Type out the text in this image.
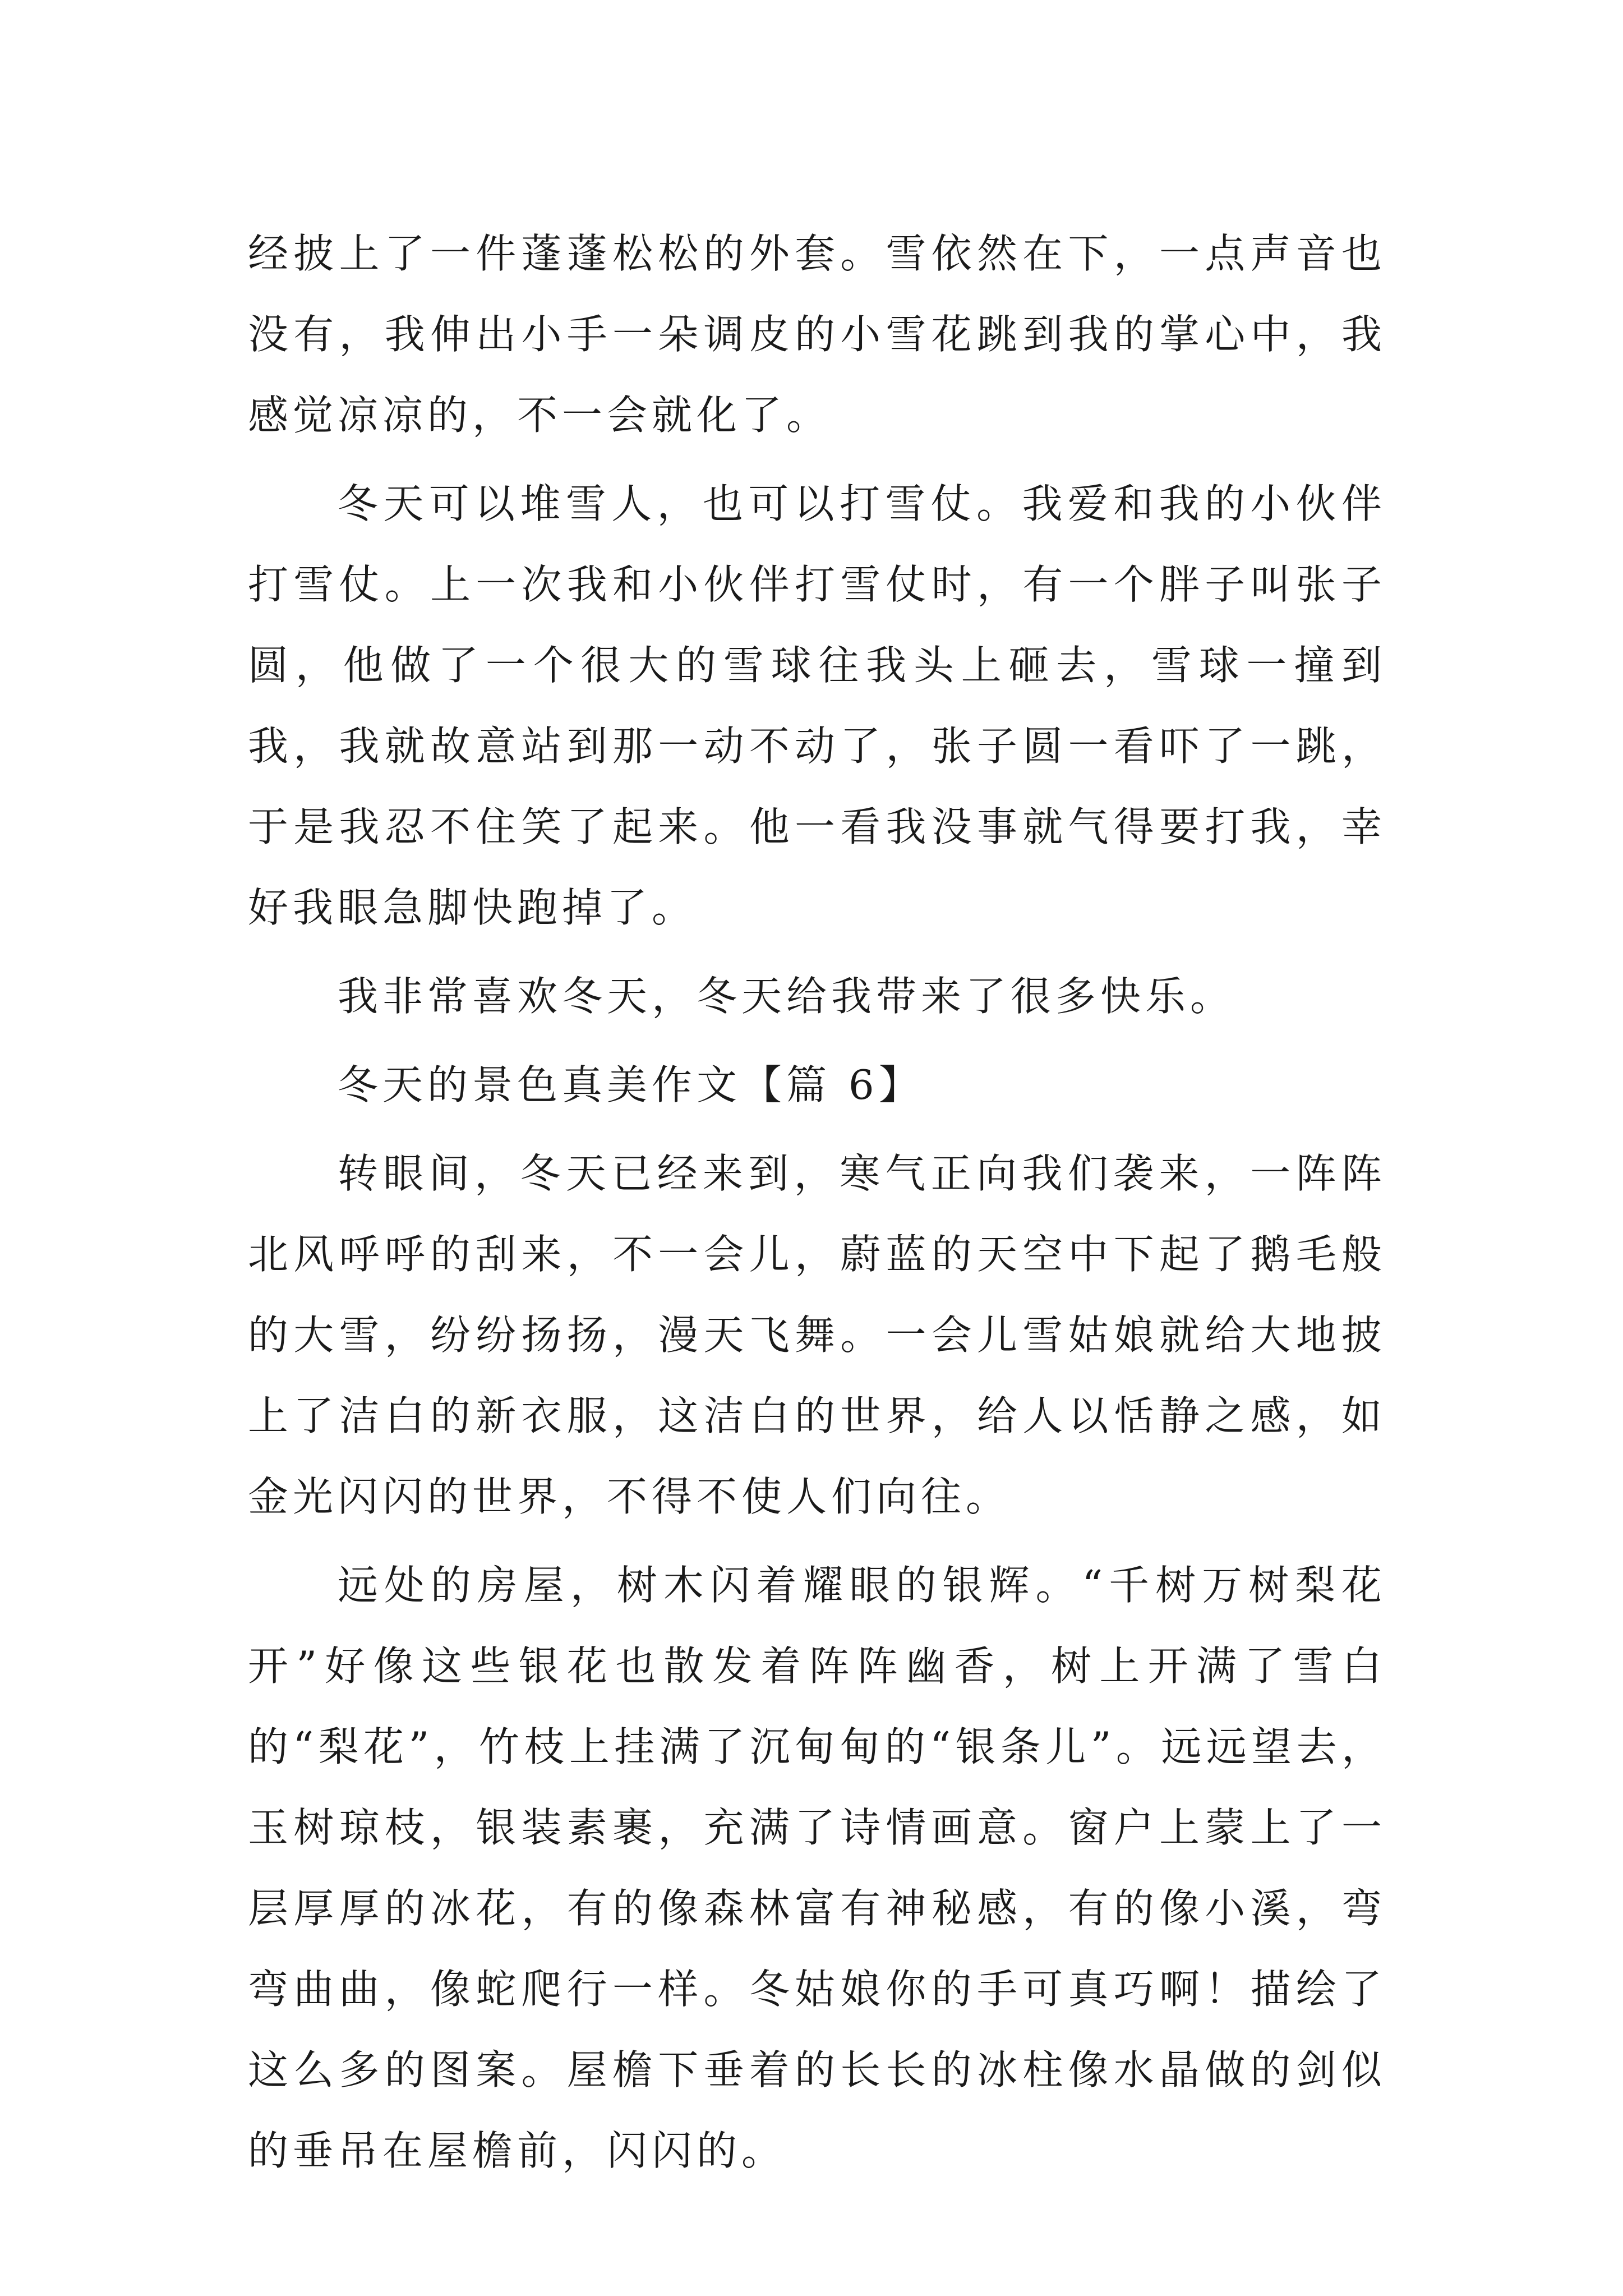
经披上了一件蓬蓬松松的外套。雪依然在下，一点声音也没有，我伸出小手一朵调皮的小雪花跳到我的掌心中，我感觉凉凉的，不一会就化了。

冬天可以堆雪人，也可以打雪仗。我爱和我的小伙伴打雪仗。上一次我和小伙伴打雪仗时，有一个胖子叫张子圆，他做了一个很大的雪球往我头上砸去，雪球一撞到我，我就故意站到那一动不动了，张子圆一看吓了一跳，于是我忍不住笑了起来。他一看我没事就气得要打我，幸好我眼急脚快跑掉了。

我非常喜欢冬天，冬天给我带来了很多快乐。

冬天的景色真美作文【篇 6】

转眼间，冬天已经来到，寒气正向我们袭来，一阵阵北风呼呼的刮来，不一会儿，蔚蓝的天空中下起了鹅毛般的大雪，纷纷扬扬，漫天飞舞。一会儿雪姑娘就给大地披上了洁白的新衣服，这洁白的世界，给人以恬静之感，如金光闪闪的世界，不得不使人们向往。

远处的房屋，树木闪着耀眼的银辉。“千树万树梨花开”好像这些银花也散发着阵阵幽香，树上开满了雪白的“梨花”，竹枝上挂满了沉甸甸的“银条儿”。远远望去，玉树琼枝，银装素裹，充满了诗情画意。窗户上蒙上了一层厚厚的冰花，有的像森林富有神秘感，有的像小溪，弯弯曲曲，像蛇爬行一样。冬姑娘你的手可真巧啊！描绘了这么多的图案。屋檐下垂着的长长的冰柱像水晶做的剑似的垂吊在屋檐前，闪闪的。
